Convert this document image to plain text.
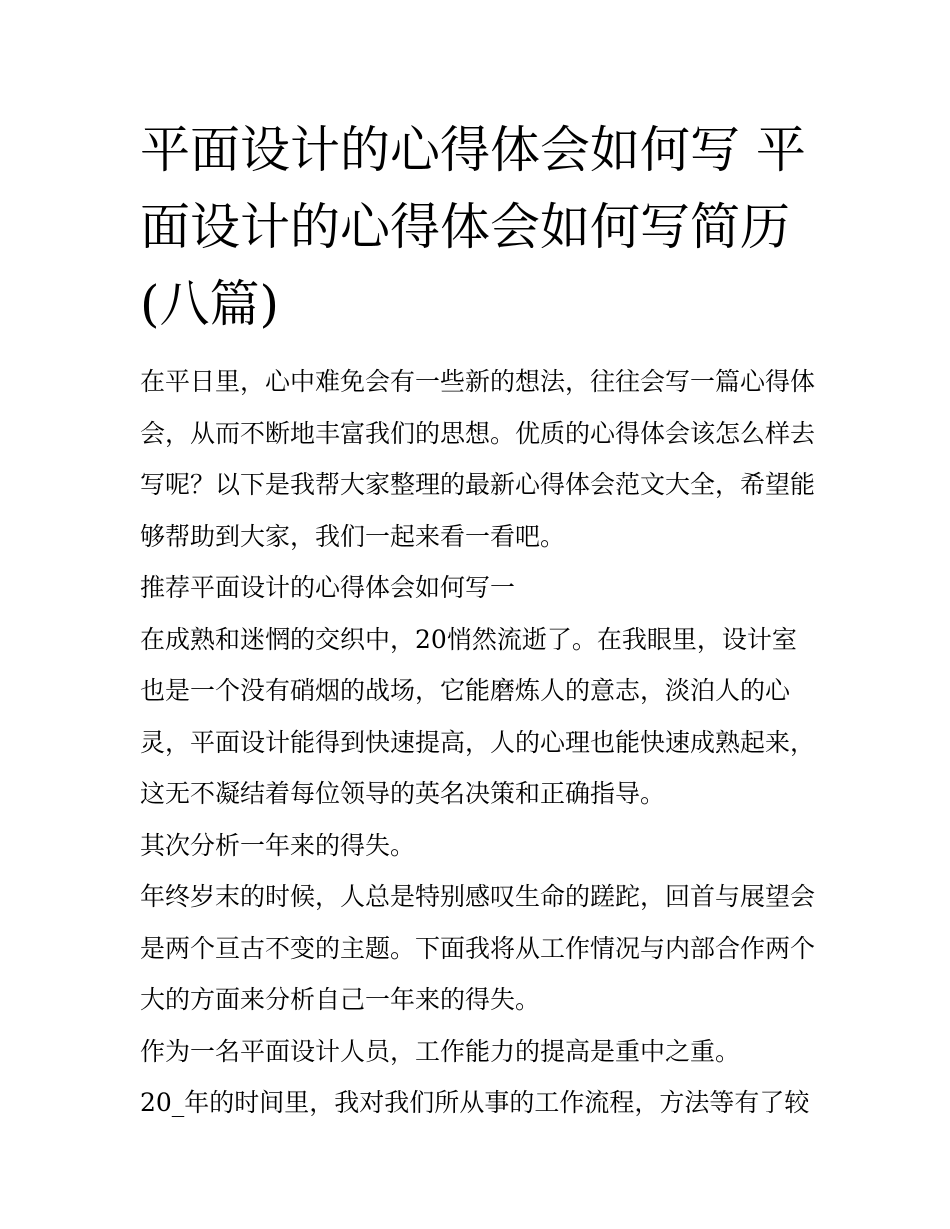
平面设计的心得体会如何写 平
面设计的心得体会如何写简历
(八篇)

在平日里，心中难免会有一些新的想法，往往会写一篇心得体
会，从而不断地丰富我们的思想。优质的心得体会该怎么样去
写呢？以下是我帮大家整理的最新心得体会范文大全，希望能
够帮助到大家，我们一起来看一看吧。

推荐平面设计的心得体会如何写一

在成熟和迷惘的交织中，20悄然流逝了。在我眼里，设计室
也是一个没有硝烟的战场，它能磨炼人的意志，淡泊人的心
灵，平面设计能得到快速提高，人的心理也能快速成熟起来，
这无不凝结着每位领导的英名决策和正确指导。

其次分析一年来的得失。

年终岁末的时候，人总是特别感叹生命的蹉跎，回首与展望会
是两个亘古不变的主题。下面我将从工作情况与内部合作两个
大的方面来分析自己一年来的得失。

作为一名平面设计人员，工作能力的提高是重中之重。

20_年的时间里，我对我们所从事的工作流程，方法等有了较
